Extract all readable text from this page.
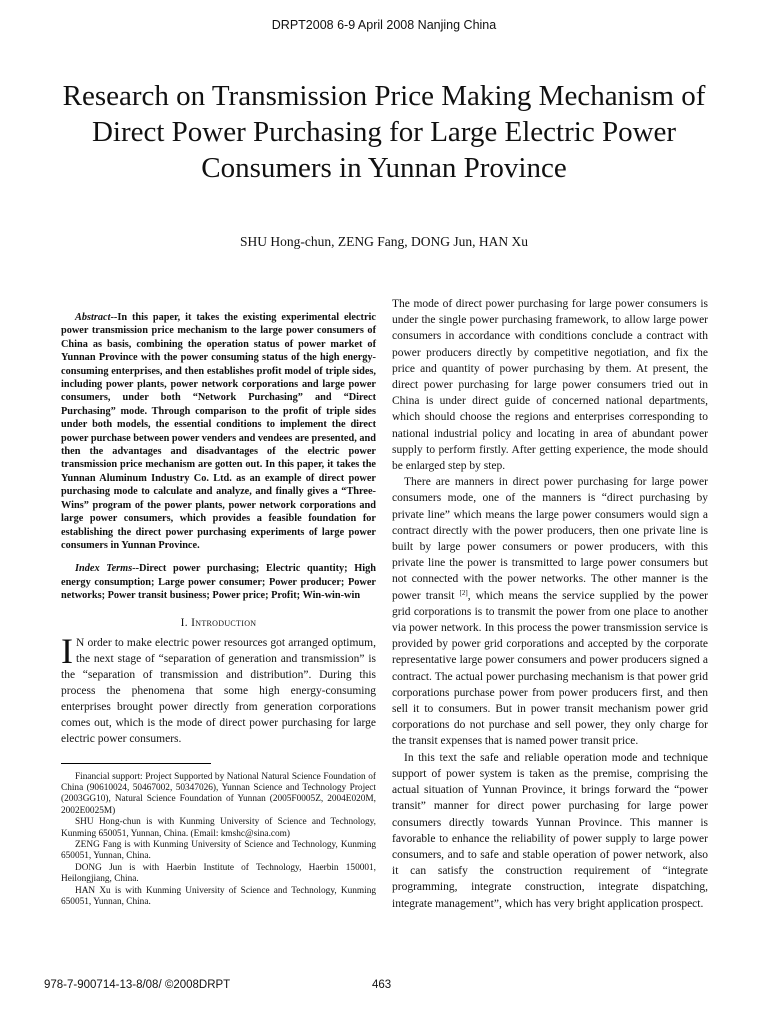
DRPT2008 6-9 April 2008 Nanjing China
Research on Transmission Price Making Mechanism of Direct Power Purchasing for Large Electric Power Consumers in Yunnan Province
SHU Hong-chun, ZENG Fang, DONG Jun, HAN Xu

Abstract--In this paper, it takes the existing experimental electric power transmission price mechanism to the large power consumers of China as basis, combining the operation status of power market of Yunnan Province with the power consuming status of the high energy-consuming enterprises, and then establishes profit model of triple sides, including power plants, power network corporations and large power consumers, under both “Network Purchasing” and “Direct Purchasing” mode. Through comparison to the profit of triple sides under both models, the essential conditions to implement the direct power purchase between power venders and vendees are presented, and then the advantages and disadvantages of the electric power transmission price mechanism are gotten out. In this paper, it takes the Yunnan Aluminum Industry Co. Ltd. as an example of direct power purchasing mode to calculate and analyze, and finally gives a “Three-Wins” program of the power plants, power network corporations and large power consumers, which provides a feasible foundation for establishing the direct power purchasing experiments of large power consumers in Yunnan Province.

Index Terms--Direct power purchasing; Electric quantity; High energy consumption; Large power consumer; Power producer; Power networks; Power transit business; Power price; Profit; Win-win-win

I. Introduction

I N order to make electric power resources got arranged optimum, the next stage of “separation of generation and transmission” is the “separation of transmission and distribution”. During this process the phenomena that some high energy-consuming enterprises brought power directly from generation corporations comes out, which is the mode of direct power purchasing for large electric power consumers.

Financial support: Project Supported by National Natural Science Foundation of China (90610024, 50467002, 50347026), Yunnan Science and Technology Project (2003GG10), Natural Science Foundation of Yunnan (2005F0005Z, 2004E020M, 2002E0025M)

SHU Hong-chun is with Kunming University of Science and Technology, Kunming 650051, Yunnan, China. (Email: kmshc@sina.com)

ZENG Fang is with Kunming University of Science and Technology, Kunming 650051, Yunnan, China.

DONG Jun is with Haerbin Institute of Technology, Haerbin 150001, Heilongjiang, China.

HAN Xu is with Kunming University of Science and Technology, Kunming 650051, Yunnan, China.

The mode of direct power purchasing for large power consumers is under the single power purchasing framework, to allow large power consumers in accordance with conditions conclude a contract with power producers directly by competitive negotiation, and fix the price and quantity of power purchasing by them. At present, the direct power purchasing for large power consumers tried out in China is under direct guide of concerned national departments, which should choose the regions and enterprises corresponding to national industrial policy and locating in area of abundant power supply to perform firstly. After getting experience, the mode should be enlarged step by step.

There are manners in direct power purchasing for large power consumers mode, one of the manners is “direct purchasing by private line” which means the large power consumers would sign a contract directly with the power producers, then one private line is built by large power consumers or power producers, with this private line the power is transmitted to large power consumers but not connected with the power networks. The other manner is the power transit [2], which means the service supplied by the power grid corporations is to transmit the power from one place to another via power network. In this process the power transmission service is provided by power grid corporations and accepted by the corporate representative large power consumers and power producers signed a contract. The actual power purchasing mechanism is that power grid corporations purchase power from power producers first, and then sell it to consumers. But in power transit mechanism power grid corporations do not purchase and sell power, they only charge for the transit expenses that is named power transit price.

In this text the safe and reliable operation mode and technique support of power system is taken as the premise, comprising the actual situation of Yunnan Province, it brings forward the “power transit” manner for direct power purchasing for large power consumers directly towards Yunnan Province. This manner is favorable to enhance the reliability of power supply to large power consumers, and to safe and stable operation of power network, also it can satisfy the construction requirement of “integrate programming, integrate construction, integrate dispatching, integrate management”, which has very bright application prospect.

978-7-900714-13-8/08/ ©2008DRPT	463
